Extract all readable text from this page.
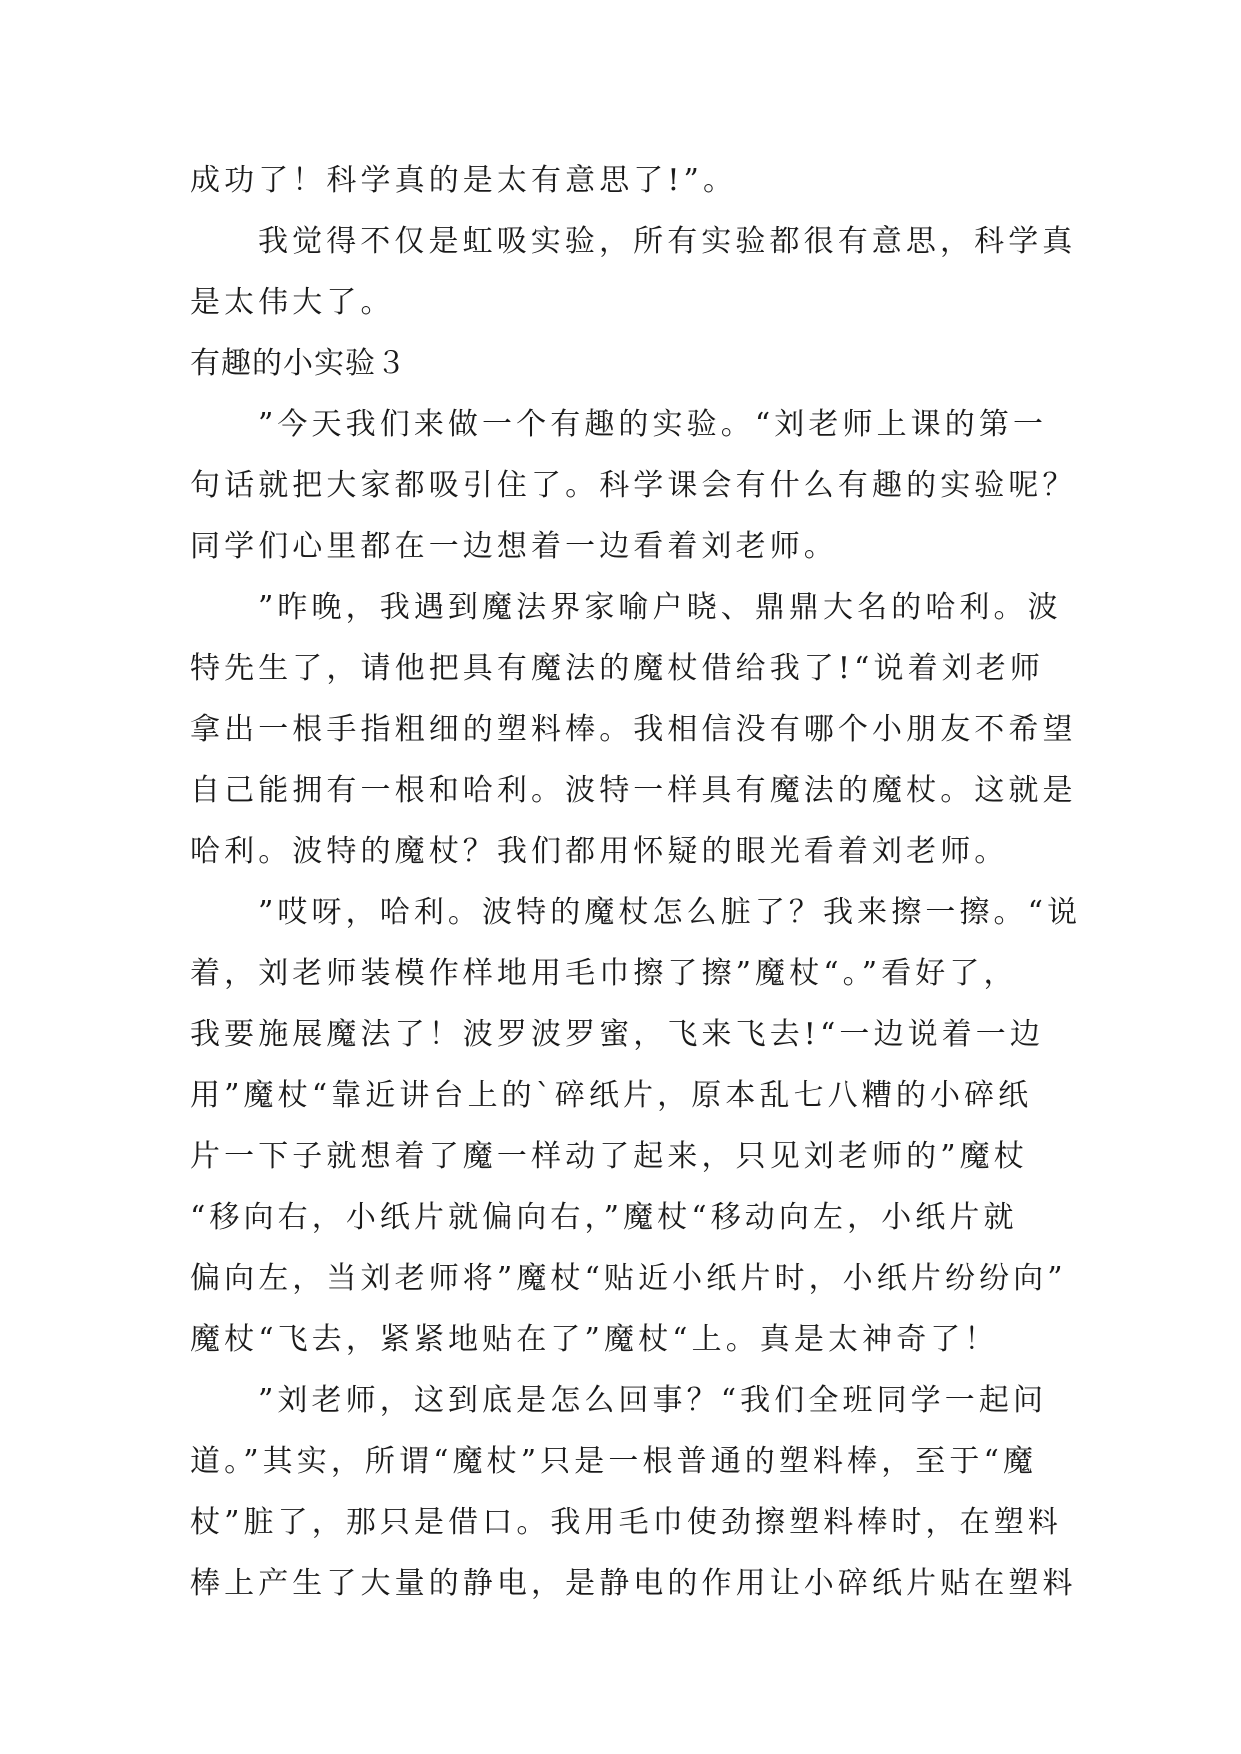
成功了！科学真的是太有意思了!”。
我觉得不仅是虹吸实验，所有实验都很有意思，科学真
是太伟大了。
有趣的小实验３
”今天我们来做一个有趣的实验。“刘老师上课的第一
句话就把大家都吸引住了。科学课会有什么有趣的实验呢？
同学们心里都在一边想着一边看着刘老师。
”昨晚，我遇到魔法界家喻户晓、鼎鼎大名的哈利。波
特先生了，请他把具有魔法的魔杖借给我了!“说着刘老师
拿出一根手指粗细的塑料棒。我相信没有哪个小朋友不希望
自己能拥有一根和哈利。波特一样具有魔法的魔杖。这就是
哈利。波特的魔杖？我们都用怀疑的眼光看着刘老师。
”哎呀，哈利。波特的魔杖怎么脏了？我来擦一擦。“说
着，刘老师装模作样地用毛巾擦了擦”魔杖“。”看好了，
我要施展魔法了！波罗波罗蜜，飞来飞去!“一边说着一边
用”魔杖“靠近讲台上的`碎纸片，原本乱七八糟的小碎纸
片一下子就想着了魔一样动了起来，只见刘老师的”魔杖
“移向右，小纸片就偏向右，”魔杖“移动向左，小纸片就
偏向左，当刘老师将”魔杖“贴近小纸片时，小纸片纷纷向”
魔杖“飞去，紧紧地贴在了”魔杖“上。真是太神奇了！
”刘老师，这到底是怎么回事？“我们全班同学一起问
道。”其实，所谓“魔杖”只是一根普通的塑料棒，至于“魔
杖”脏了，那只是借口。我用毛巾使劲擦塑料棒时，在塑料
棒上产生了大量的静电，是静电的作用让小碎纸片贴在塑料
